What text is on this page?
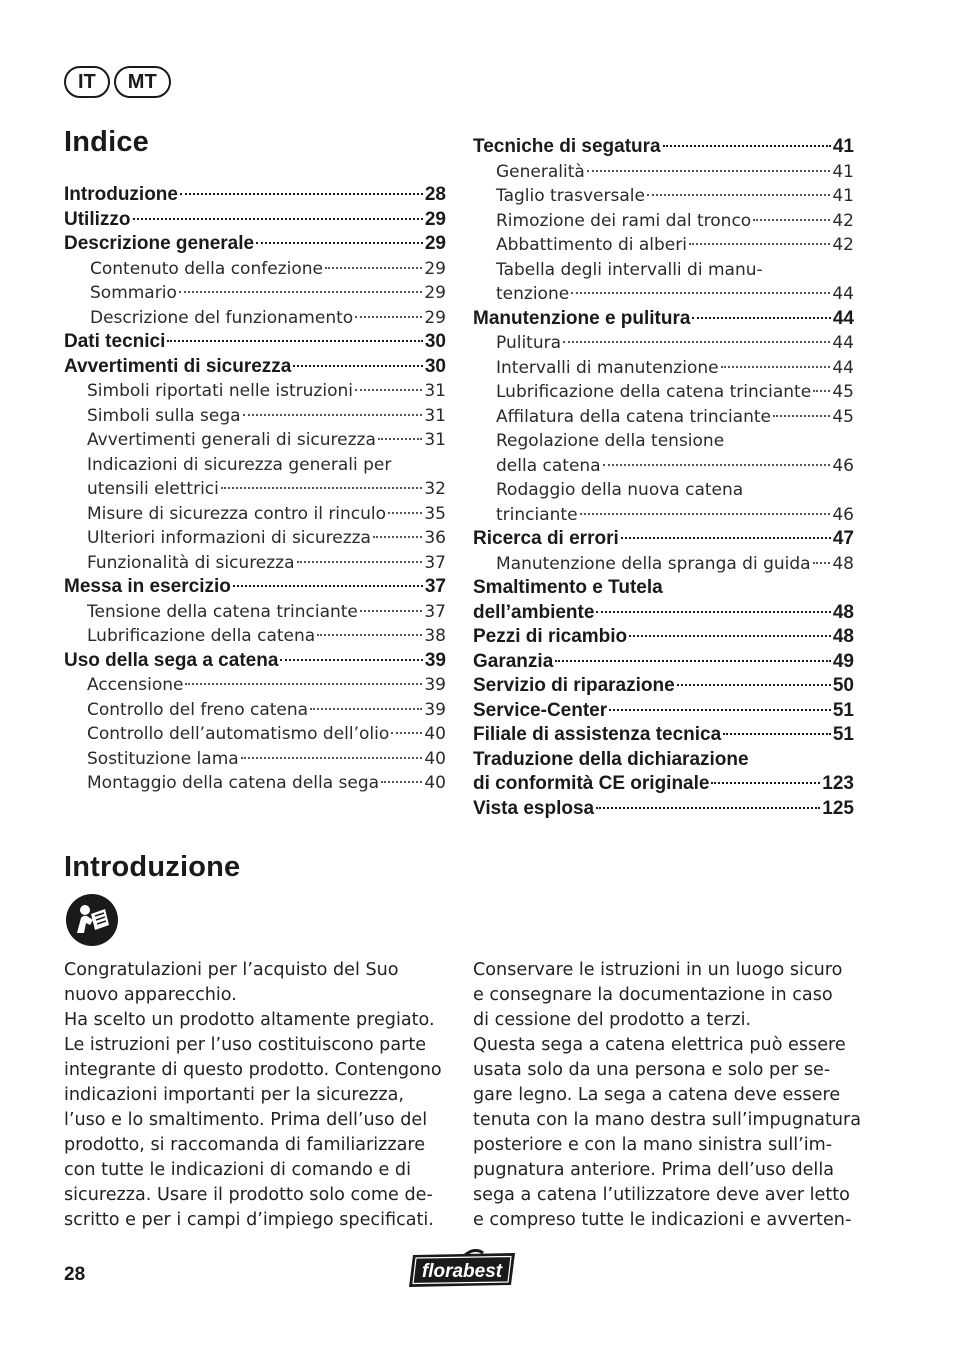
IT	MT
Indice
Introduzione	28
Utilizzo	29
Descrizione generale	29
Contenuto della confezione	29
Sommario	29
Descrizione del funzionamento	29
Dati tecnici	30
Avvertimenti di sicurezza	30
Simboli riportati nelle istruzioni	31
Simboli sulla sega	31
Avvertimenti generali di sicurezza	31
Indicazioni di sicurezza generali per
utensili elettrici	32
Misure di sicurezza contro il rinculo 35
Ulteriori informazioni di sicurezza	36
Funzionalità di sicurezza	37
Messa in esercizio	37
Tensione della catena trinciante	37
Lubrificazione della catena	38
Uso della sega a catena	39
Accensione	39
Controllo del freno catena	39
Controllo dell’automatismo dell’olio 40
Sostituzione lama	40
Montaggio della catena della sega	40
Tecniche di segatura	41
Generalità	41
Taglio trasversale	41
Rimozione dei rami dal tronco	42
Abbattimento di alberi	42
Tabella degli intervalli di manu-
tenzione	44
Manutenzione e pulitura	44
Pulitura	44
Intervalli di manutenzione	44
Lubrificazione della catena trinciante 45
Affilatura della catena trinciante	45
Regolazione della tensione
della catena	46
Rodaggio della nuova catena
trinciante	46
Ricerca di errori	47
Manutenzione della spranga di guida 48
Smaltimento e Tutela
dell’ambiente	48
Pezzi di ricambio	48
Garanzia	49
Servizio di riparazione	50
Service-Center	51
Filiale di assistenza tecnica	51
Traduzione della dichiarazione
di conformità CE originale	123
Vista esplosa	125
Introduzione

Congratulazioni per l’acquisto del Suo

nuovo apparecchio.

Ha scelto un prodotto altamente pregiato.

Le istruzioni per l’uso costituiscono parte

integrante di questo prodotto. Contengono

indicazioni importanti per la sicurezza,

l’uso e lo smaltimento. Prima dell’uso del

prodotto, si raccomanda di familiarizzare

con tutte le indicazioni di comando e di

sicurezza. Usare il prodotto solo come de-

scritto e per i campi d’impiego specificati.

Conservare le istruzioni in un luogo sicuro

e consegnare la documentazione in caso

di cessione del prodotto a terzi.

Questa sega a catena elettrica può essere

usata solo da una persona e solo per se-

gare legno. La sega a catena deve essere

tenuta con la mano destra sull’impugnatura

posteriore e con la mano sinistra sull’im-

pugnatura anteriore. Prima dell’uso della

sega a catena l’utilizzatore deve aver letto

e compreso tutte le indicazioni e avverten-

28	florabest
